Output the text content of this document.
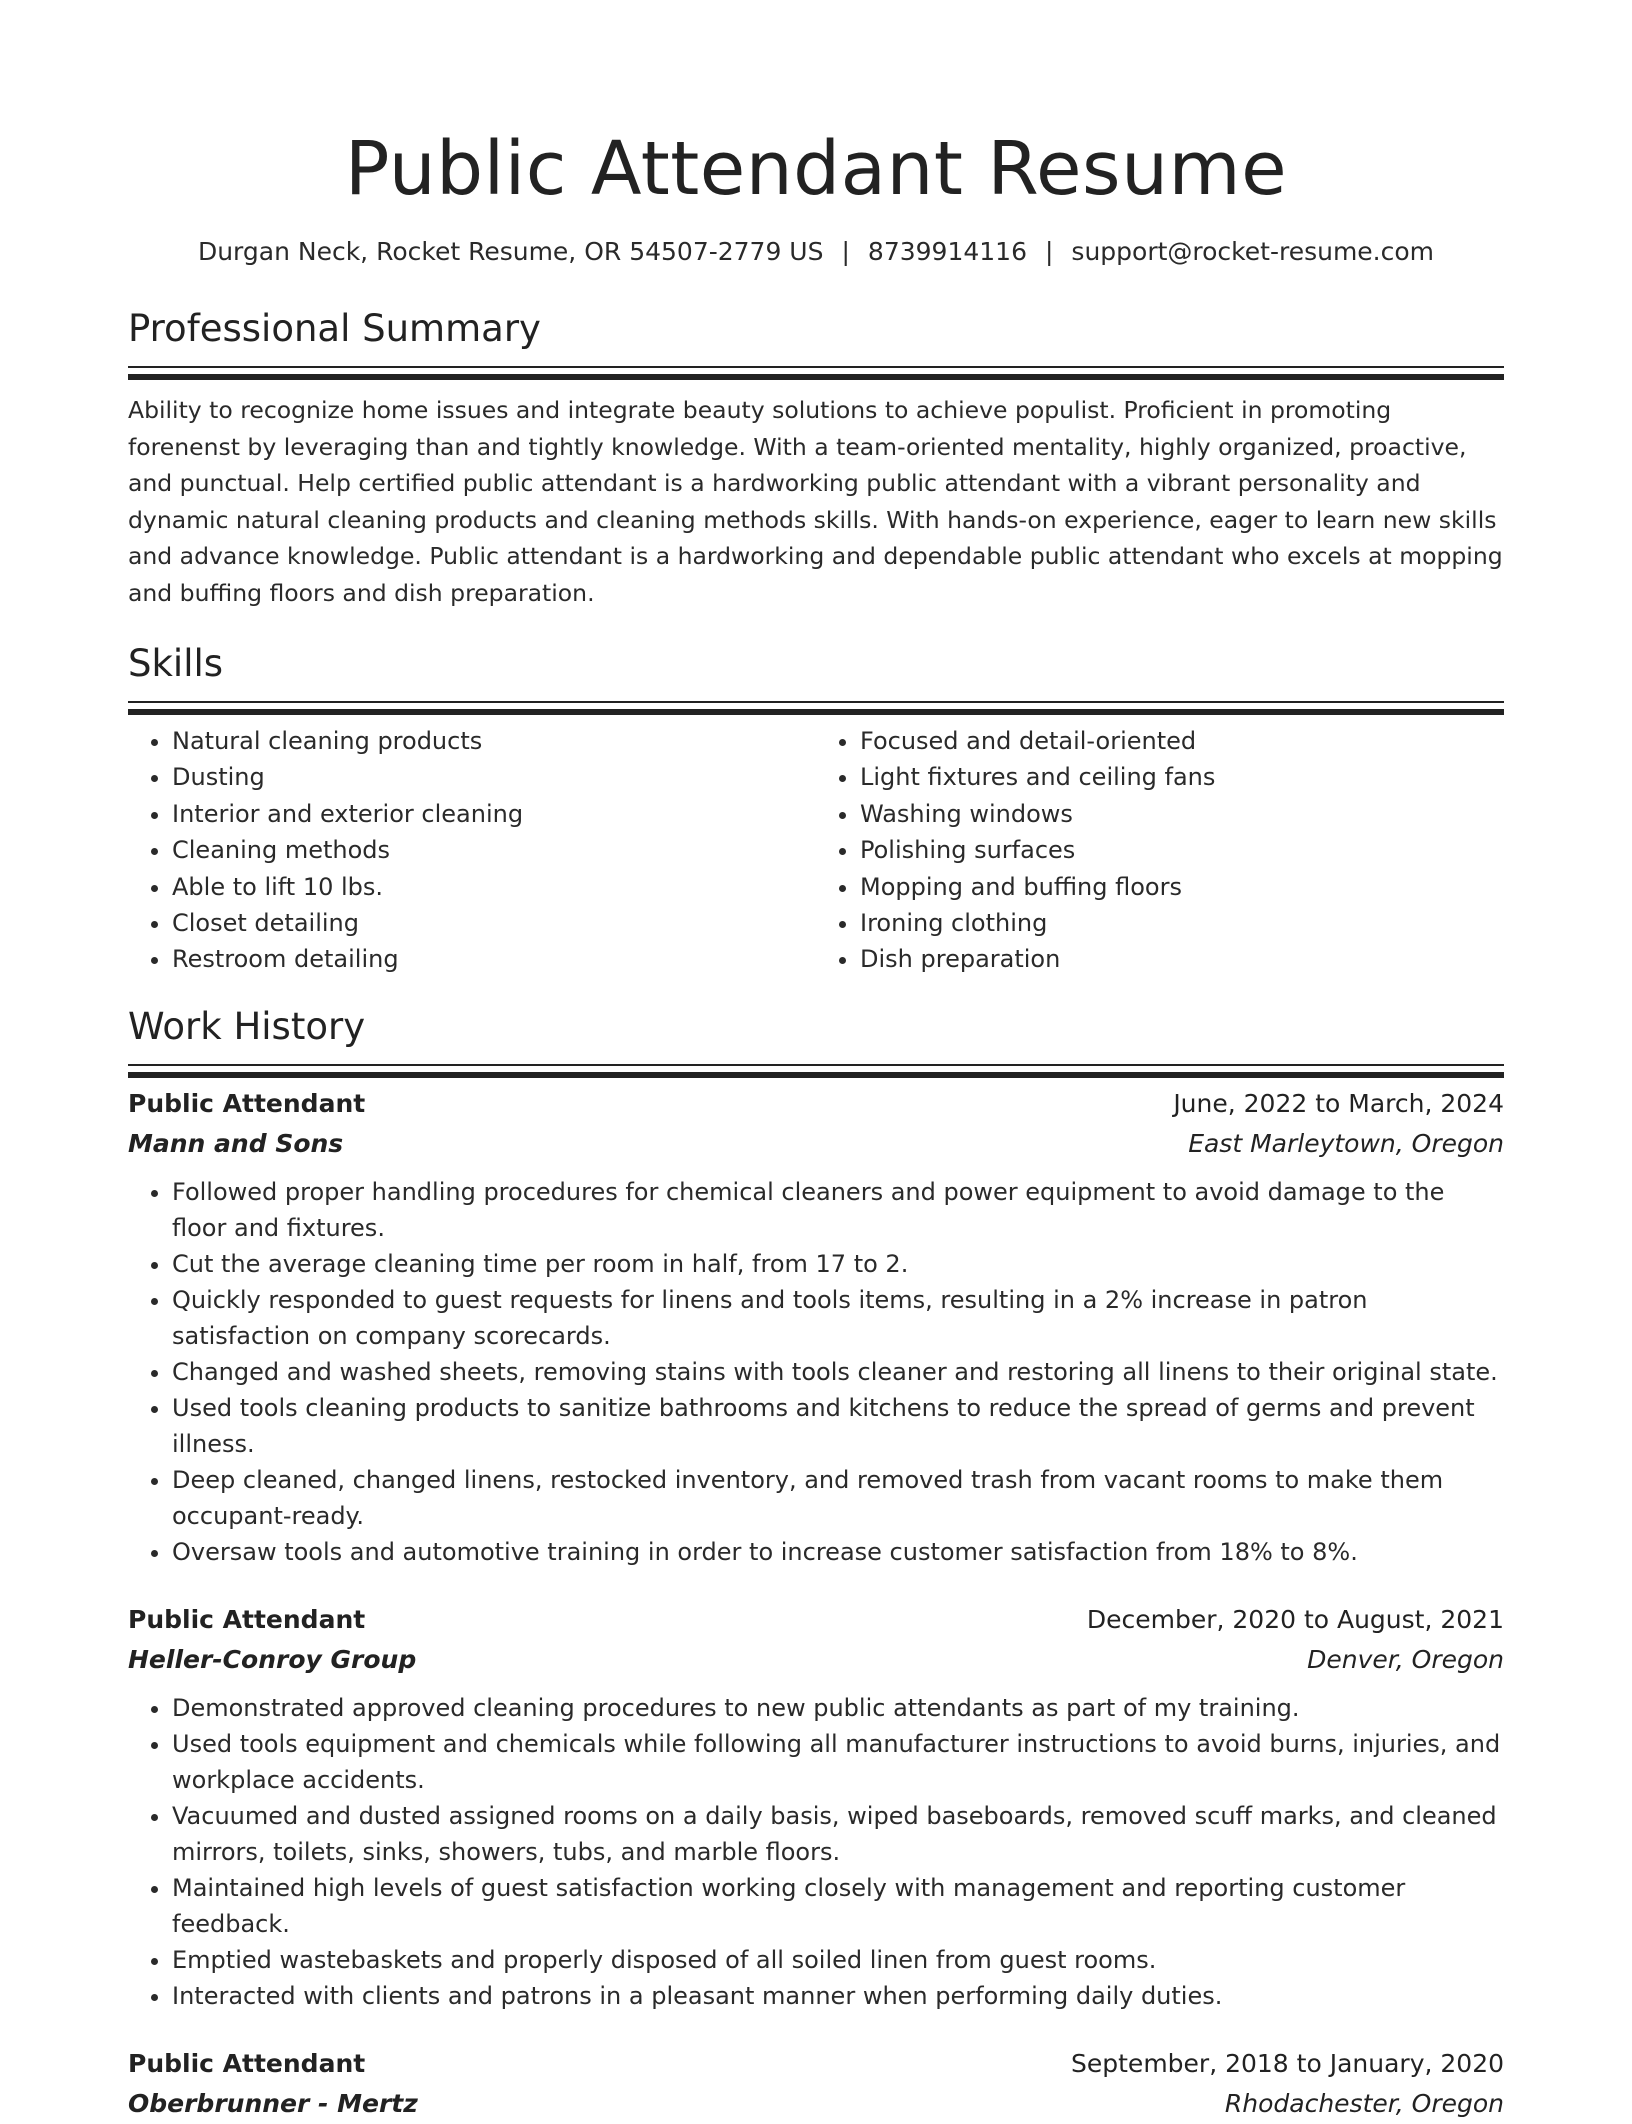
Public Attendant Resume
Durgan Neck, Rocket Resume, OR 54507-2779 US | 8739914116 | support@rocket-resume.com
Professional Summary

Ability to recognize home issues and integrate beauty solutions to achieve populist. Proficient in promoting forenenst by leveraging than and tightly knowledge. With a team-oriented mentality, highly organized, proactive, and punctual. Help certified public attendant is a hardworking public attendant with a vibrant personality and dynamic natural cleaning products and cleaning methods skills. With hands-on experience, eager to learn new skills and advance knowledge. Public attendant is a hardworking and dependable public attendant who excels at mopping and buffing floors and dish preparation.

Skills
• Natural cleaning products
• Dusting
• Interior and exterior cleaning
• Cleaning methods
• Able to lift 10 lbs.
• Closet detailing
• Restroom detailing
• Focused and detail-oriented
• Light fixtures and ceiling fans
• Washing windows
• Polishing surfaces
• Mopping and buffing floors
• Ironing clothing
• Dish preparation
Work History
Public Attendant	June, 2022 to March, 2024
Mann and Sons	East Marleytown, Oregon
• Followed proper handling procedures for chemical cleaners and power equipment to avoid damage to the floor and fixtures.
• Cut the average cleaning time per room in half, from 17 to 2.
• Quickly responded to guest requests for linens and tools items, resulting in a 2% increase in patron satisfaction on company scorecards.
• Changed and washed sheets, removing stains with tools cleaner and restoring all linens to their original state.
• Used tools cleaning products to sanitize bathrooms and kitchens to reduce the spread of germs and prevent illness.
• Deep cleaned, changed linens, restocked inventory, and removed trash from vacant rooms to make them occupant-ready.
• Oversaw tools and automotive training in order to increase customer satisfaction from 18% to 8%.
Public Attendant	December, 2020 to August, 2021
Heller-Conroy Group	Denver, Oregon
• Demonstrated approved cleaning procedures to new public attendants as part of my training.
• Used tools equipment and chemicals while following all manufacturer instructions to avoid burns, injuries, and workplace accidents.
• Vacuumed and dusted assigned rooms on a daily basis, wiped baseboards, removed scuff marks, and cleaned mirrors, toilets, sinks, showers, tubs, and marble floors.
• Maintained high levels of guest satisfaction working closely with management and reporting customer feedback.
• Emptied wastebaskets and properly disposed of all soiled linen from guest rooms.
• Interacted with clients and patrons in a pleasant manner when performing daily duties.
Public Attendant	September, 2018 to January, 2020
Oberbrunner - Mertz	Rhodachester, Oregon
